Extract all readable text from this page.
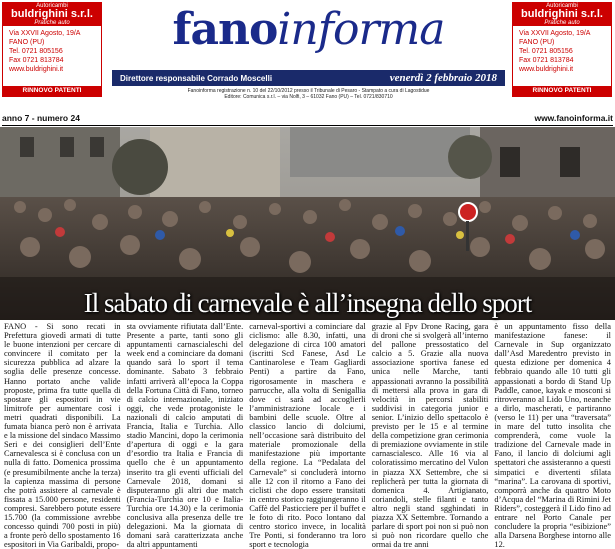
Autoricambi
buldrighini s.r.l.
Pratiche auto
Via XXVII Agosto, 19/A
FANO (PU)
Tel. 0721 805156
Fax 0721 813784
www.buldrighini.it
RINNOVO PATENTI
Autoricambi
buldrighini s.r.l.
Pratiche auto
Via XXVII Agosto, 19/A
FANO (PU)
Tel. 0721 805156
Fax 0721 813784
www.buldrighini.it
RINNOVO PATENTI
fanoinforma
Direttore responsabile Corrado Moscelli	venerdì 2 febbraio 2018
Fanoinforma registrazione n. 10 del 22/10/2012 presso il Tribunale di Pesaro - Stampato a cura di Lagostidue
Editore: Comunica s.r.l. – via Nolfi, 3 – 61032 Fano (PU) – Tel. 0721/830710
anno 7 - numero 24	www.fanoinforma.it
Il sabato di carnevale è all’insegna dello sport
FANO - Si sono recati in Prefettura giovedì armati di tutte le buone intenzioni per cercare di convincere il comitato per la sicurezza pubblica ad alzare la soglia delle presenze concesse. Hanno portato anche valide proposte, prima fra tutte quella di spostare gli espositori in vie limitrofe per aumentare così i metri quadrati disponibili. La fumata bianca però non è arrivata e la missione del sindaco Massimo Seri e dei consiglieri dell’Ente Carnevalesca si è conclusa con un nulla di fatto. Domenica prossima (e presumibilmente anche la terza) la capienza massima di persone che potrà assistere al carnevale è fissata a 15.000 persone, residenti compresi. Sarebbero potute essere 15.700 (la commissione avrebbe concesso quindi 700 posti in più) a fronte però dello spostamento 16 espositori in Via Garibaldi, propo-
sta ovviamente rifiutata dall’Ente. Presente a parte, tanti sono gli appuntamenti carnascialeschi del week end a cominciare da domani quando sarà lo sport il tema dominante. Sabato 3 febbraio infatti arriverà all’epoca la Coppa della Fortuna Città di Fano, torneo di calcio internazionale, iniziato oggi, che vede protagoniste le nazionali di calcio amputati di Francia, Italia e Turchia. Allo stadio Mancini, dopo la cerimonia d’apertura di oggi e la gara d’esordio tra Italia e Francia di quello che è un appuntamento inserito tra gli eventi ufficiali del Carnevale 2018, domani si disputeranno gli altri due match (Francia-Turchia ore 10 e Italia-Turchia ore 14.30) e la cerimonia conclusiva alla presenza delle tre delegazioni. Ma la giornata di domani sarà caratterizzata anche da altri appuntamenti
carneval-sportivi a cominciare dal ciclismo: alle 8.30, infatti, una delegazione di circa 100 amatori (iscritti Scd Fanese, Asd Le Cantinarolese e Team Gagliardi Penti) a partire da Fano, rigorosamente in maschera e parrucche, alla volta di Senigallia dove ci sarà ad accoglierli l’amministrazione locale e i bambini delle scuole. Oltre al classico lancio di dolciumi, nell’occasione sarà distribuito del materiale promozionale della manifestazione più importante della regione. La “Pedalata del Carnevale” si concluderà intorno alle 12 con il ritorno a Fano dei ciclisti che dopo essere transitati in centro storico raggiungeranno il Caffè del Pasticciere per il buffet e le foto di rito. Poco lontano dal centro storico invece, in località Tre Ponti, si fonderanno tra loro sport e tecnologia
grazie al Fpv Drone Racing, gara di droni che si svolgerà all’interno del pallone pressostatico del calcio a 5. Grazie alla nuova associazione sportiva fanese ed unica nelle Marche, tanti appassionati avranno la possibilità di mettersi alla prova in gara di velocità in percorsi stabiliti suddivisi in categoria junior e senior. L’inizio dello spettacolo è previsto per le 15 e al termine della competizione gran cerimonia di premiazione ovviamente in stile carnascialesco. Alle 16 via al coloratissimo mercatino del Vulon in piazza XX Settembre, che si replicherà per tutta la giornata di domenica 4. Artigianato, coriandoli, stelle filanti e tanto altro negli stand sgghindati in piazza XX Settembre. Tornando a parlare di sport poi non si può non si può non ricordare quello che ormai da tre anni
è un appuntamento fisso della manifestazione fanese: il Carnevale in Sup organizzato dall’Asd Maredentro previsto in questa edizione per domenica 4 febbraio quando alle 10 tutti gli appassionati a bordo di Stand Up Paddle, canoe, kayak e mosconi si ritroveranno al Lido Uno, neanche a dirlo, mascherati, e partiranno (verso le 11) per una “traversata” in mare del tutto insolita che comprenderà, come vuole la tradizione del Carnevale made in Fano, il lancio di dolciumi agli spettatori che assisteranno a questi simpatici e divertenti sfilata “marina”. La carovana di sportivi, comporrà anche da quattro Moto d’Acqua del “Marina di Rimini Jet Riders”, costeggerà il Lido fino ad entrare nel Porto Canale per concludere la propria “esibizione” alla Darsena Borghese intorno alle 12.
